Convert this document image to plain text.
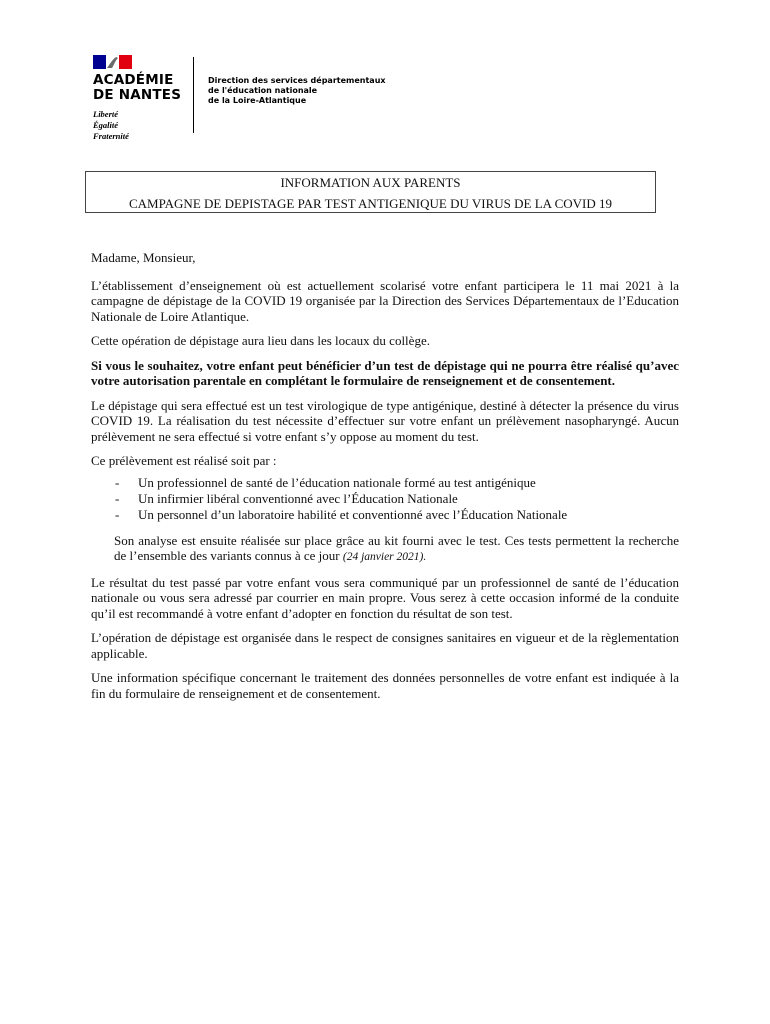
ACADÉMIE
DE NANTES
Liberté
Égalité
Fraternité
Direction des services départementaux
de l'éducation nationale
de la Loire-Atlantique
INFORMATION AUX PARENTS
CAMPAGNE DE DEPISTAGE PAR TEST ANTIGENIQUE DU VIRUS DE LA COVID 19

Madame, Monsieur,

L’établissement d’enseignement où est actuellement scolarisé votre enfant participera le 11 mai 2021 à la campagne de dépistage de la COVID 19 organisée par la Direction des Services Départementaux de l’Education Nationale de Loire Atlantique.

Cette opération de dépistage aura lieu dans les locaux du collège.

Si vous le souhaitez, votre enfant peut bénéficier d’un test de dépistage qui ne pourra être réalisé qu’avec votre autorisation parentale en complétant le formulaire de renseignement et de consentement.

Le dépistage qui sera effectué est un test virologique de type antigénique, destiné à détecter la présence du virus COVID 19. La réalisation du test nécessite d’effectuer sur votre enfant un prélèvement nasopharyngé. Aucun prélèvement ne sera effectué si votre enfant s’y oppose au moment du test.

Ce prélèvement est réalisé soit par :

- Un professionnel de santé de l’éducation nationale formé au test antigénique
- Un infirmier libéral conventionné avec l’Éducation Nationale
- Un personnel d’un laboratoire habilité et conventionné avec l’Éducation Nationale

Son analyse est ensuite réalisée sur place grâce au kit fourni avec le test. Ces tests permettent la recherche de l’ensemble des variants connus à ce jour (24 janvier 2021).

Le résultat du test passé par votre enfant vous sera communiqué par un professionnel de santé de l’éducation nationale ou vous sera adressé par courrier en main propre. Vous serez à cette occasion informé de la conduite qu’il est recommandé à votre enfant d’adopter en fonction du résultat de son test.

L’opération de dépistage est organisée dans le respect de consignes sanitaires en vigueur et de la règlementation applicable.

Une information spécifique concernant le traitement des données personnelles de votre enfant est indiquée à la fin du formulaire de renseignement et de consentement.
